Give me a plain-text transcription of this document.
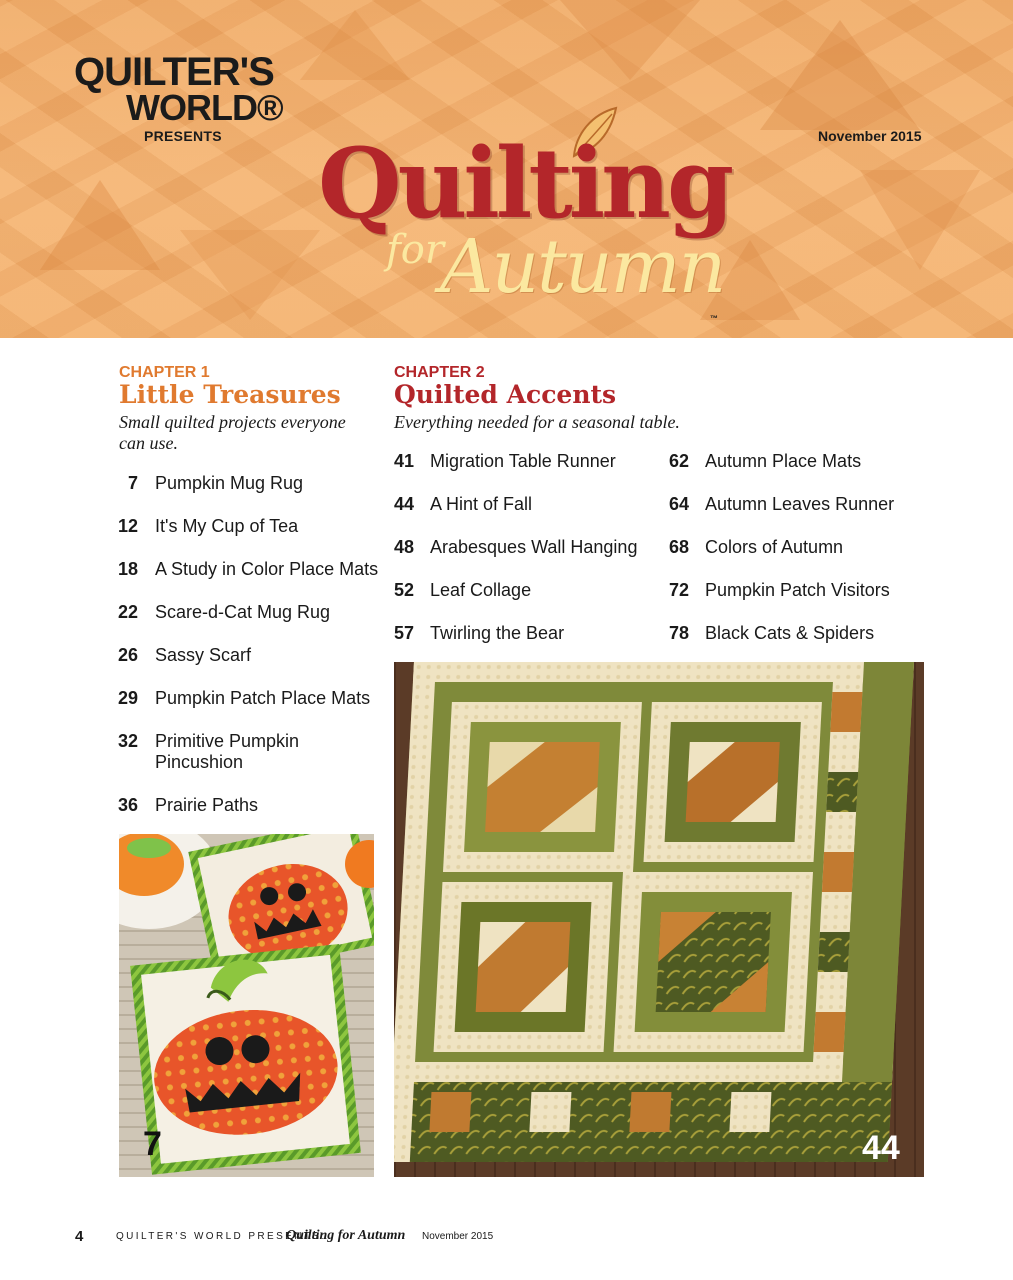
QUILTER'S
WORLD®
PRESENTS	November 2015
Quilting
for
Autumn
™
CHAPTER 1
Little Treasures
Small quilted projects everyone
can use.
7 Pumpkin Mug Rug
12 It's My Cup of Tea
18 A Study in Color Place Mats
22 Scare-d-Cat Mug Rug
26 Sassy Scarf
29 Pumpkin Patch Place Mats
32 Primitive Pumpkin
Pincushion
36 Prairie Paths
CHAPTER 2
Quilted Accents
Everything needed for a seasonal table.
41 Migration Table Runner
44 A Hint of Fall
48 Arabesques Wall Hanging
52 Leaf Collage
57 Twirling the Bear
62 Autumn Place Mats
64 Autumn Leaves Runner
68 Colors of Autumn
72 Pumpkin Patch Visitors
78 Black Cats & Spiders
7	44
4	QUILTER'S WORLD PRESENTS:
Quilting for Autumn November 2015
